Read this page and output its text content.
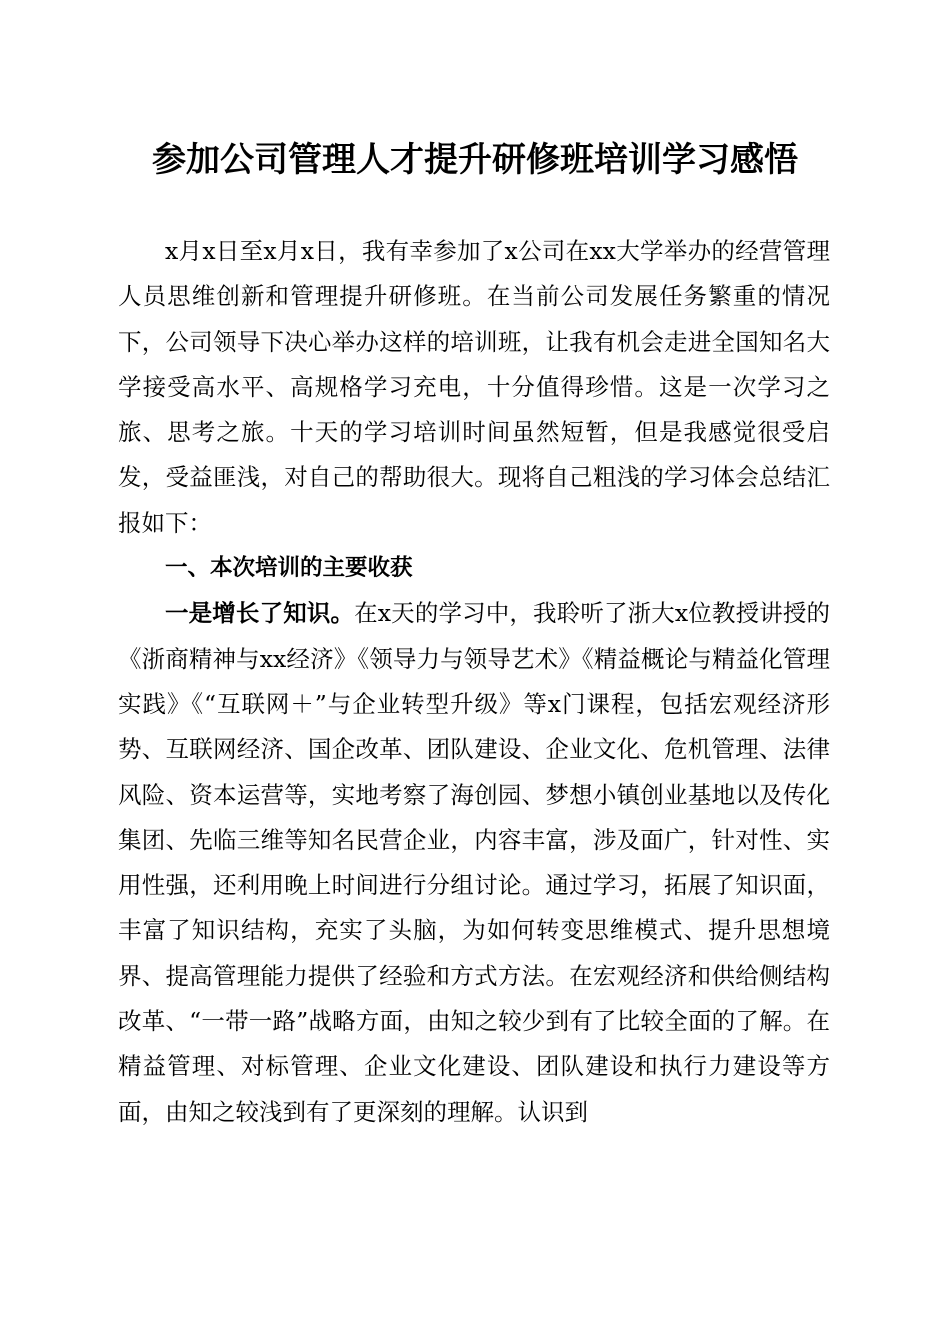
参加公司管理人才提升研修班培训学习感悟

x月x日至x月x日，我有幸参加了x公司在xx大学举办的经营管理人员思维创新和管理提升研修班。在当前公司发展任务繁重的情况下，公司领导下决心举办这样的培训班，让我有机会走进全国知名大学接受高水平、高规格学习充电，十分值得珍惜。这是一次学习之旅、思考之旅。十天的学习培训时间虽然短暂，但是我感觉很受启发，受益匪浅，对自己的帮助很大。现将自己粗浅的学习体会总结汇报如下：

一、本次培训的主要收获

一是增长了知识。在x天的学习中，我聆听了浙大x位教授讲授的《浙商精神与xx经济》《领导力与领导艺术》《精益概论与精益化管理实践》《“互联网＋”与企业转型升级》等x门课程，包括宏观经济形势、互联网经济、国企改革、团队建设、企业文化、危机管理、法律风险、资本运营等，实地考察了海创园、梦想小镇创业基地以及传化集团、先临三维等知名民营企业，内容丰富，涉及面广，针对性、实用性强，还利用晚上时间进行分组讨论。通过学习，拓展了知识面，丰富了知识结构，充实了头脑，为如何转变思维模式、提升思想境界、提高管理能力提供了经验和方式方法。在宏观经济和供给侧结构改革、“一带一路”战略方面，由知之较少到有了比较全面的了解。在精益管理、对标管理、企业文化建设、团队建设和执行力建设等方面，由知之较浅到有了更深刻的理解。认识到
